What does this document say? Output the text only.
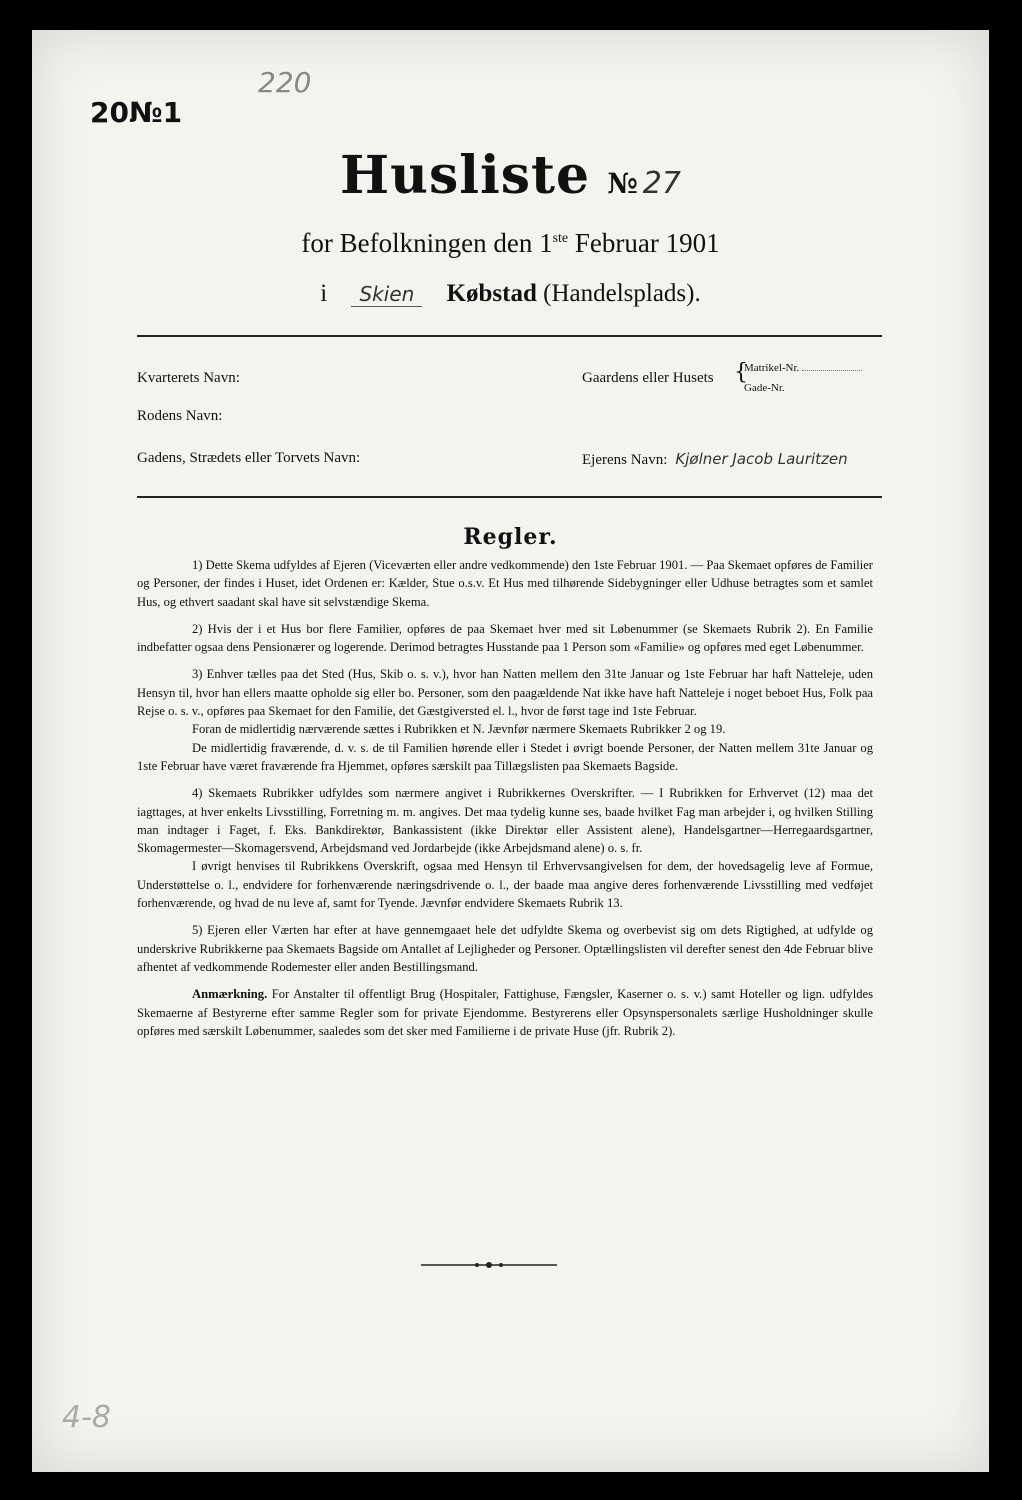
20№1
220
Husliste № 27
for Befolkningen den 1ste Februar 1901
i Skien Købstad (Handelsplads).
Kvarterets Navn:
Rodens Navn:
Gadens, Strædets eller Torvets Navn:
Gaardens eller Husets {
Matrikel-Nr.
Gade-Nr.
Ejerens Navn: Kjølner Jacob Lauritzen
Regler.

1) Dette Skema udfyldes af Ejeren (Viceværten eller andre vedkommende) den 1ste Februar 1901. — Paa Skemaet opføres de Familier og Personer, der findes i Huset, idet Ordenen er: Kælder, Stue o.s.v. Et Hus med tilhørende Sidebygninger eller Udhuse betragtes som et samlet Hus, og ethvert saadant skal have sit selvstændige Skema.

2) Hvis der i et Hus bor flere Familier, opføres de paa Skemaet hver med sit Løbenummer (se Skemaets Rubrik 2). En Familie indbefatter ogsaa dens Pensionærer og logerende. Derimod betragtes Husstande paa 1 Person som «Familie» og opføres med eget Løbenummer.

3) Enhver tælles paa det Sted (Hus, Skib o. s. v.), hvor han Natten mellem den 31te Januar og 1ste Februar har haft Natteleje, uden Hensyn til, hvor han ellers maatte opholde sig eller bo. Personer, som den paagældende Nat ikke have haft Natteleje i noget beboet Hus, Folk paa Rejse o. s. v., opføres paa Skemaet for den Familie, det Gæstgiversted el. l., hvor de først tage ind 1ste Februar.

Foran de midlertidig nærværende sættes i Rubrikken et N. Jævnfør nærmere Skemaets Rubrikker 2 og 19.

De midlertidig fraværende, d. v. s. de til Familien hørende eller i Stedet i øvrigt boende Personer, der Natten mellem 31te Januar og 1ste Februar have været fraværende fra Hjemmet, opføres særskilt paa Tillægslisten paa Skemaets Bagside.

4) Skemaets Rubrikker udfyldes som nærmere angivet i Rubrikkernes Overskrifter. — I Rubrikken for Erhvervet (12) maa det iagttages, at hver enkelts Livsstilling, Forretning m. m. angives. Det maa tydelig kunne ses, baade hvilket Fag man arbejder i, og hvilken Stilling man indtager i Faget, f. Eks. Bankdirektør, Bankassistent (ikke Direktør eller Assistent alene), Handelsgartner—Herregaardsgartner, Skomagermester—Skomagersvend, Arbejdsmand ved Jordarbejde (ikke Arbejdsmand alene) o. s. fr.

I øvrigt henvises til Rubrikkens Overskrift, ogsaa med Hensyn til Erhvervsangivelsen for dem, der hovedsagelig leve af Formue, Understøttelse o. l., endvidere for forhenværende næringsdrivende o. l., der baade maa angive deres forhenværende Livsstilling med vedføjet forhenværende, og hvad de nu leve af, samt for Tyende. Jævnfør endvidere Skemaets Rubrik 13.

5) Ejeren eller Værten har efter at have gennemgaaet hele det udfyldte Skema og overbevist sig om dets Rigtighed, at udfylde og underskrive Rubrikkerne paa Skemaets Bagside om Antallet af Lejligheder og Personer. Optællingslisten vil derefter senest den 4de Februar blive afhentet af vedkommende Rodemester eller anden Bestillingsmand.

Anmærkning. For Anstalter til offentligt Brug (Hospitaler, Fattighuse, Fængsler, Kaserner o. s. v.) samt Hoteller og lign. udfyldes Skemaerne af Bestyrerne efter samme Regler som for private Ejendomme. Bestyrerens eller Opsynspersonalets særlige Husholdninger skulle opføres med særskilt Løbenummer, saaledes som det sker med Familierne i de private Huse (jfr. Rubrik 2).

4-8
